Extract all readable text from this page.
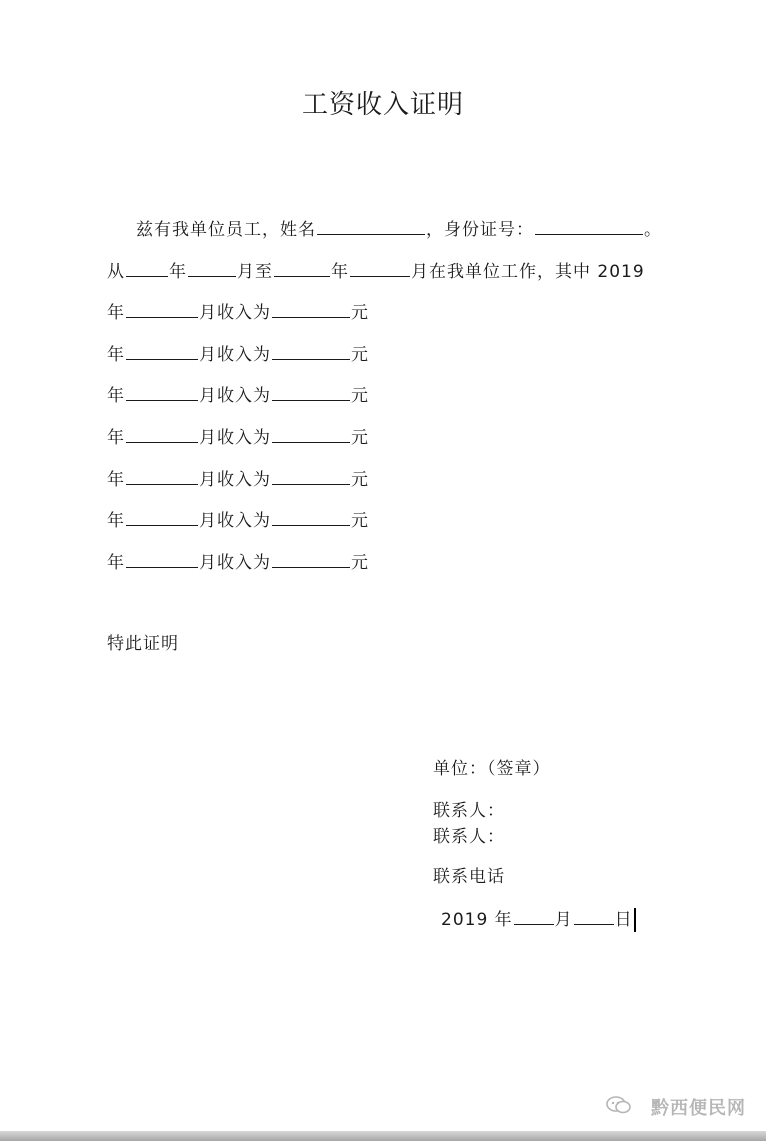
工资收入证明
兹有我单位员工，姓名	，身份证号：	。
从	年	月至	年	月在我单位工作，其中 2019
年	月收入为	元
年	月收入为	元
年	月收入为	元
年	月收入为	元
年	月收入为	元
年	月收入为	元
年	月收入为	元
特此证明
单位：（签章）
联系人：
联系人：
联系电话
2019 年 月 日
黔西便民网
